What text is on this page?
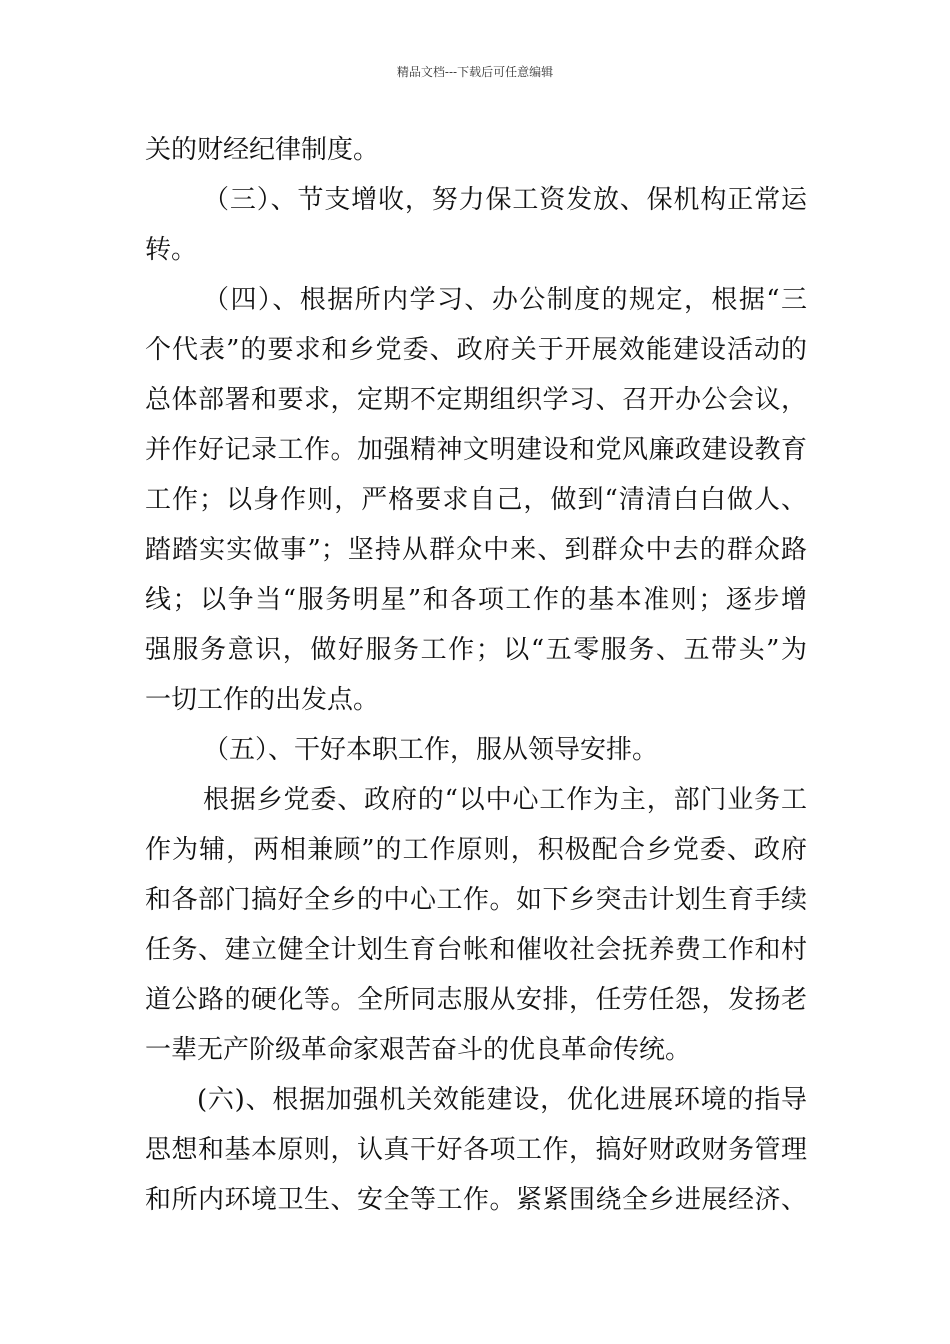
精品文档---下载后可任意编辑
关的财经纪律制度。
（三）、节支增收，努力保工资发放、保机构正常运
转。
（四）、根据所内学习、办公制度的规定，根据“三
个代表”的要求和乡党委、政府关于开展效能建设活动的
总体部署和要求，定期不定期组织学习、召开办公会议，
并作好记录工作。加强精神文明建设和党风廉政建设教育
工作；以身作则，严格要求自己，做到“清清白白做人、
踏踏实实做事”；坚持从群众中来、到群众中去的群众路
线；以争当“服务明星”和各项工作的基本准则；逐步增
强服务意识，做好服务工作；以“五零服务、五带头”为
一切工作的出发点。
（五）、干好本职工作，服从领导安排。
根据乡党委、政府的“以中心工作为主，部门业务工
作为辅，两相兼顾”的工作原则，积极配合乡党委、政府
和各部门搞好全乡的中心工作。如下乡突击计划生育手续
任务、建立健全计划生育台帐和催收社会抚养费工作和村
道公路的硬化等。全所同志服从安排，任劳任怨，发扬老
一辈无产阶级革命家艰苦奋斗的优良革命传统。
(六)、根据加强机关效能建设，优化进展环境的指导
思想和基本原则，认真干好各项工作，搞好财政财务管理
和所内环境卫生、安全等工作。紧紧围绕全乡进展经济、
